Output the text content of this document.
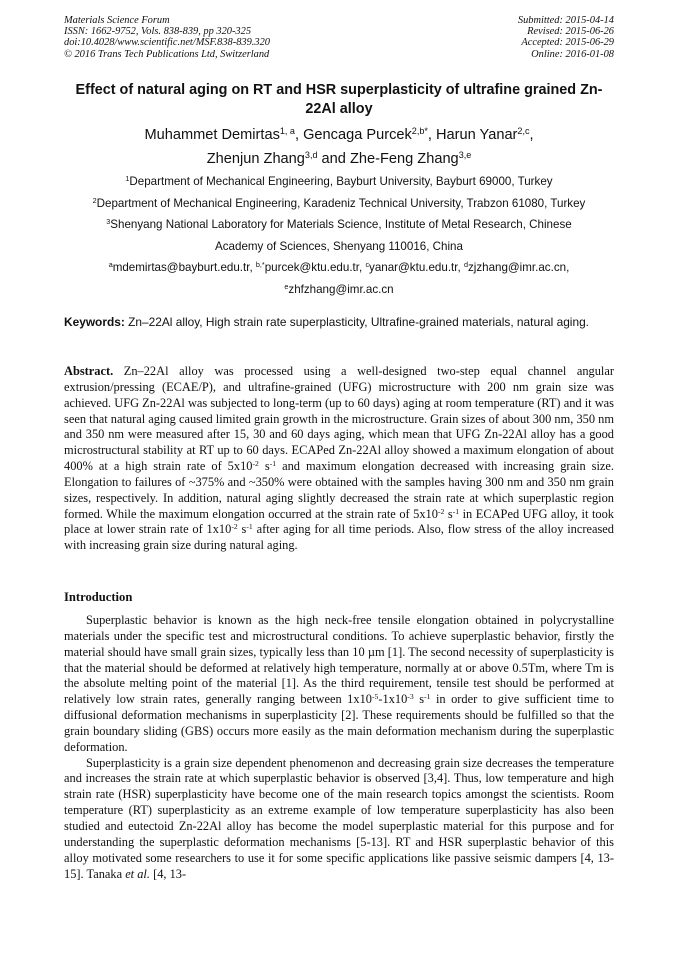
Materials Science Forum
ISSN: 1662-9752, Vols. 838-839, pp 320-325
doi:10.4028/www.scientific.net/MSF.838-839.320
© 2016 Trans Tech Publications Ltd, Switzerland
Submitted: 2015-04-14
Revised: 2015-06-26
Accepted: 2015-06-29
Online: 2016-01-08
Effect of natural aging on RT and HSR superplasticity of ultrafine grained Zn-22Al alloy
Muhammet Demirtas$^{1, a}$, Gencaga Purcek$^{2,b*}$, Harun Yanar$^{2,c}$,
Zhenjun Zhang$^{3,d}$ and Zhe-Feng Zhang$^{3,e}$
$^1$Department of Mechanical Engineering, Bayburt University, Bayburt 69000, Turkey
$^2$Department of Mechanical Engineering, Karadeniz Technical University, Trabzon 61080, Turkey
$^3$Shenyang National Laboratory for Materials Science, Institute of Metal Research, Chinese Academy of Sciences, Shenyang 110016, China
$^a$mdemirtas@bayburt.edu.tr, $^{b,*}$purcek@ktu.edu.tr, $^c$yanar@ktu.edu.tr, $^d$zjzhang@imr.ac.cn, $^e$zhfzhang@imr.ac.cn
Keywords: Zn–22Al alloy, High strain rate superplasticity, Ultrafine-grained materials, natural aging.
Abstract. Zn–22Al alloy was processed using a well-designed two-step equal channel angular extrusion/pressing (ECAE/P), and ultrafine-grained (UFG) microstructure with 200 nm grain size was achieved. UFG Zn-22Al was subjected to long-term (up to 60 days) aging at room temperature (RT) and it was seen that natural aging caused limited grain growth in the microstructure. Grain sizes of about 300 nm, 350 nm and 350 nm were measured after 15, 30 and 60 days aging, which mean that UFG Zn-22Al alloy has a good microstructural stability at RT up to 60 days. ECAPed Zn-22Al alloy showed a maximum elongation of about 400% at a high strain rate of $5x10^{-2}$ $s^{-1}$ and maximum elongation decreased with increasing grain size. Elongation to failures of ~375% and ~350% were obtained with the samples having 300 nm and 350 nm grain sizes, respectively. In addition, natural aging slightly decreased the strain rate at which superplastic region formed. While the maximum elongation occurred at the strain rate of $5x10^{-2}$ $s^{-1}$ in ECAPed UFG alloy, it took place at lower strain rate of $1x10^{-2}$ $s^{-1}$ after aging for all time periods. Also, flow stress of the alloy increased with increasing grain size during natural aging.
Introduction

Superplastic behavior is known as the high neck-free tensile elongation obtained in polycrystalline materials under the specific test and microstructural conditions. To achieve superplastic behavior, firstly the material should have small grain sizes, typically less than 10 µm [1]. The second necessity of superplasticity is that the material should be deformed at relatively high temperature, normally at or above 0.5Tm, where Tm is the absolute melting point of the material [1]. As the third requirement, tensile test should be performed at relatively low strain rates, generally ranging between $1x10^{-5}-1x10^{-3}$ $s^{-1}$ in order to give sufficient time to diffusional deformation mechanisms in superplasticity [2]. These requirements should be fulfilled so that the grain boundary sliding (GBS) occurs more easily as the main deformation mechanism during the superplastic deformation.

Superplasticity is a grain size dependent phenomenon and decreasing grain size decreases the temperature and increases the strain rate at which superplastic behavior is observed [3,4]. Thus, low temperature and high strain rate (HSR) superplasticity have become one of the main research topics amongst the scientists. Room temperature (RT) superplasticity as an extreme example of low temperature superplasticity has also been studied and eutectoid Zn-22Al alloy has become the model superplastic material for this purpose and for understanding the superplastic deformation mechanisms [5-13]. RT and HSR superplastic behavior of this alloy motivated some researchers to use it for some specific applications like passive seismic dampers [4, 13-15]. Tanaka et al. [4, 13-
